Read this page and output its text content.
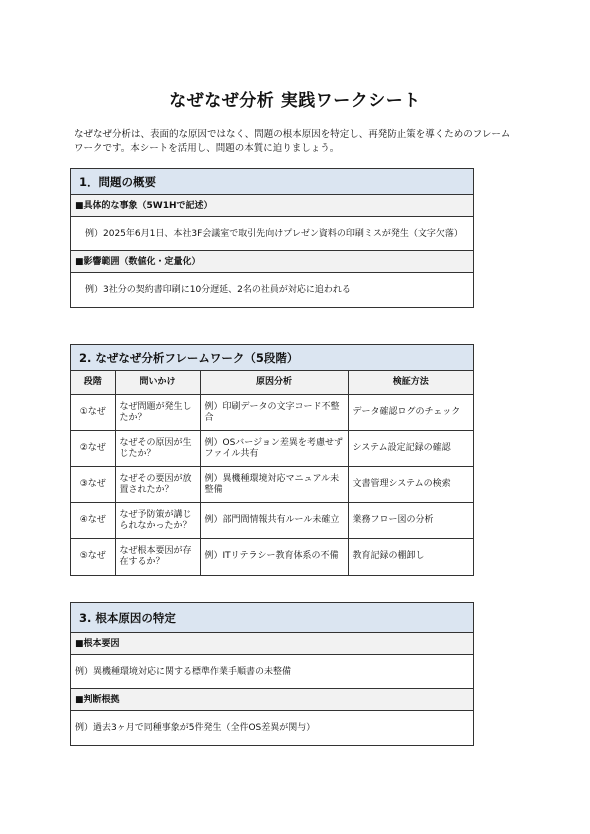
なぜなぜ分析 実践ワークシート
なぜなぜ分析は、表面的な原因ではなく、問題の根本原因を特定し、再発防止策を導くためのフレームワークです。本シートを活用し、問題の本質に迫りましょう。
1．問題の概要
■具体的な事象（5W1Hで記述）
例）2025年6月1日、本社3F会議室で取引先向けプレゼン資料の印刷ミスが発生（文字欠落）
■影響範囲（数値化・定量化）
例）3社分の契約書印刷に10分遅延、2名の社員が対応に追われる
2. なぜなぜ分析フレームワーク（5段階）
段階	問いかけ	原因分析	検証方法
①なぜ	なぜ問題が発生したか？	例）印刷データの文字コード不整合	データ確認ログのチェック
②なぜ	なぜその原因が生じたか？	例）OSバージョン差異を考慮せずファイル共有	システム設定記録の確認
③なぜ	なぜその要因が放置されたか？	例）異機種環境対応マニュアル未整備	文書管理システムの検索
④なぜ	なぜ予防策が講じられなかったか？	例）部門間情報共有ルール未確立	業務フロー図の分析
⑤なぜ	なぜ根本要因が存在するか？	例）ITリテラシー教育体系の不備	教育記録の棚卸し
3. 根本原因の特定
■根本要因
例）異機種環境対応に関する標準作業手順書の未整備
■判断根拠
例）過去3ヶ月で同種事象が5件発生（全件OS差異が関与）
